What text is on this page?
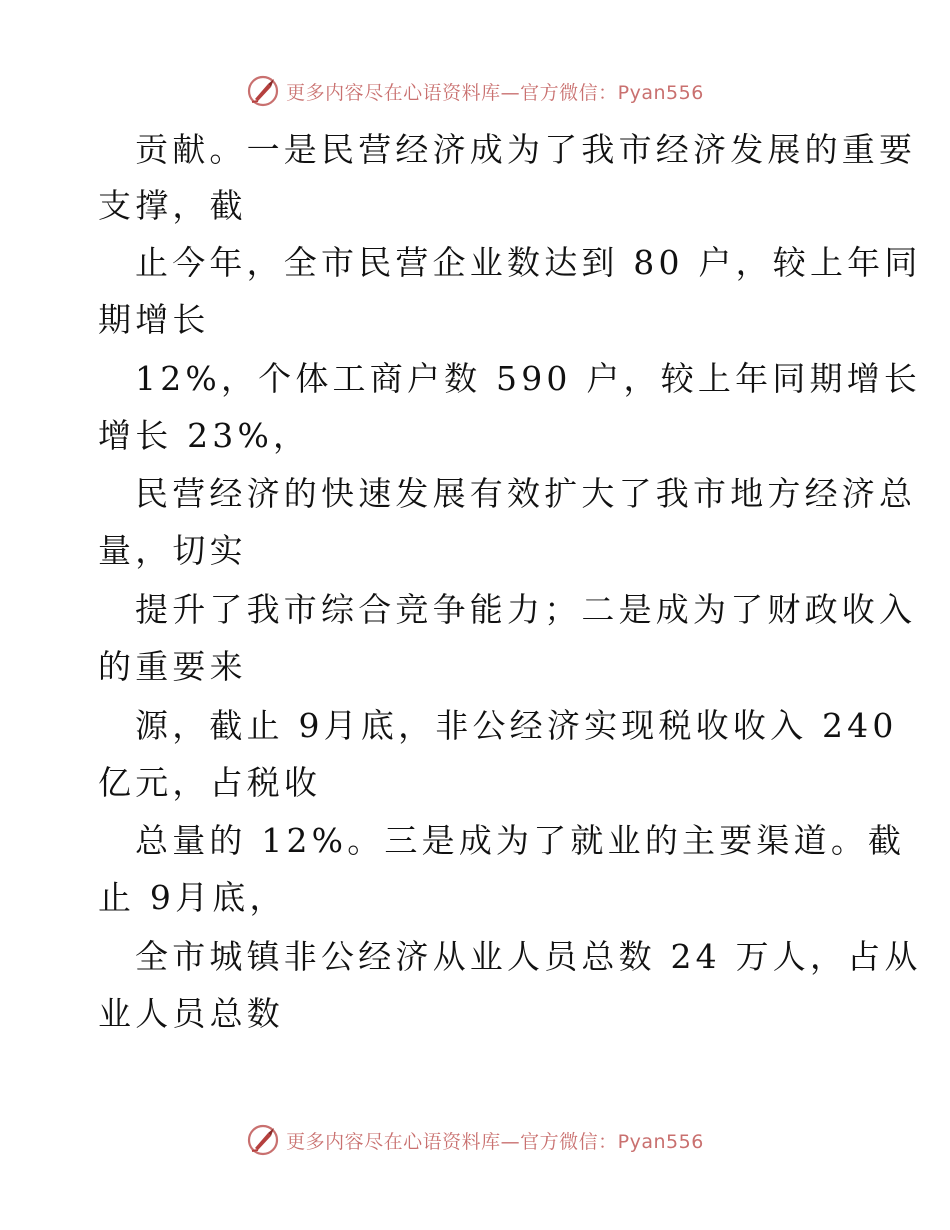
更多内容尽在心语资料库—官方微信：Pyan556
贡献。一是民营经济成为了我市经济发展的重要
支撑，截
止今年，全市民营企业数达到 80 户，较上年同
期增长
12%，个体工商户数 590 户，较上年同期增长
增长 23%，
民营经济的快速发展有效扩大了我市地方经济总
量，切实
提升了我市综合竞争能力；二是成为了财政收入
的重要来
源，截止 9月底，非公经济实现税收收入 240
亿元，占税收
总量的 12%。三是成为了就业的主要渠道。截
止 9月底，
全市城镇非公经济从业人员总数 24 万人，占从
业人员总数
更多内容尽在心语资料库—官方微信：Pyan556
